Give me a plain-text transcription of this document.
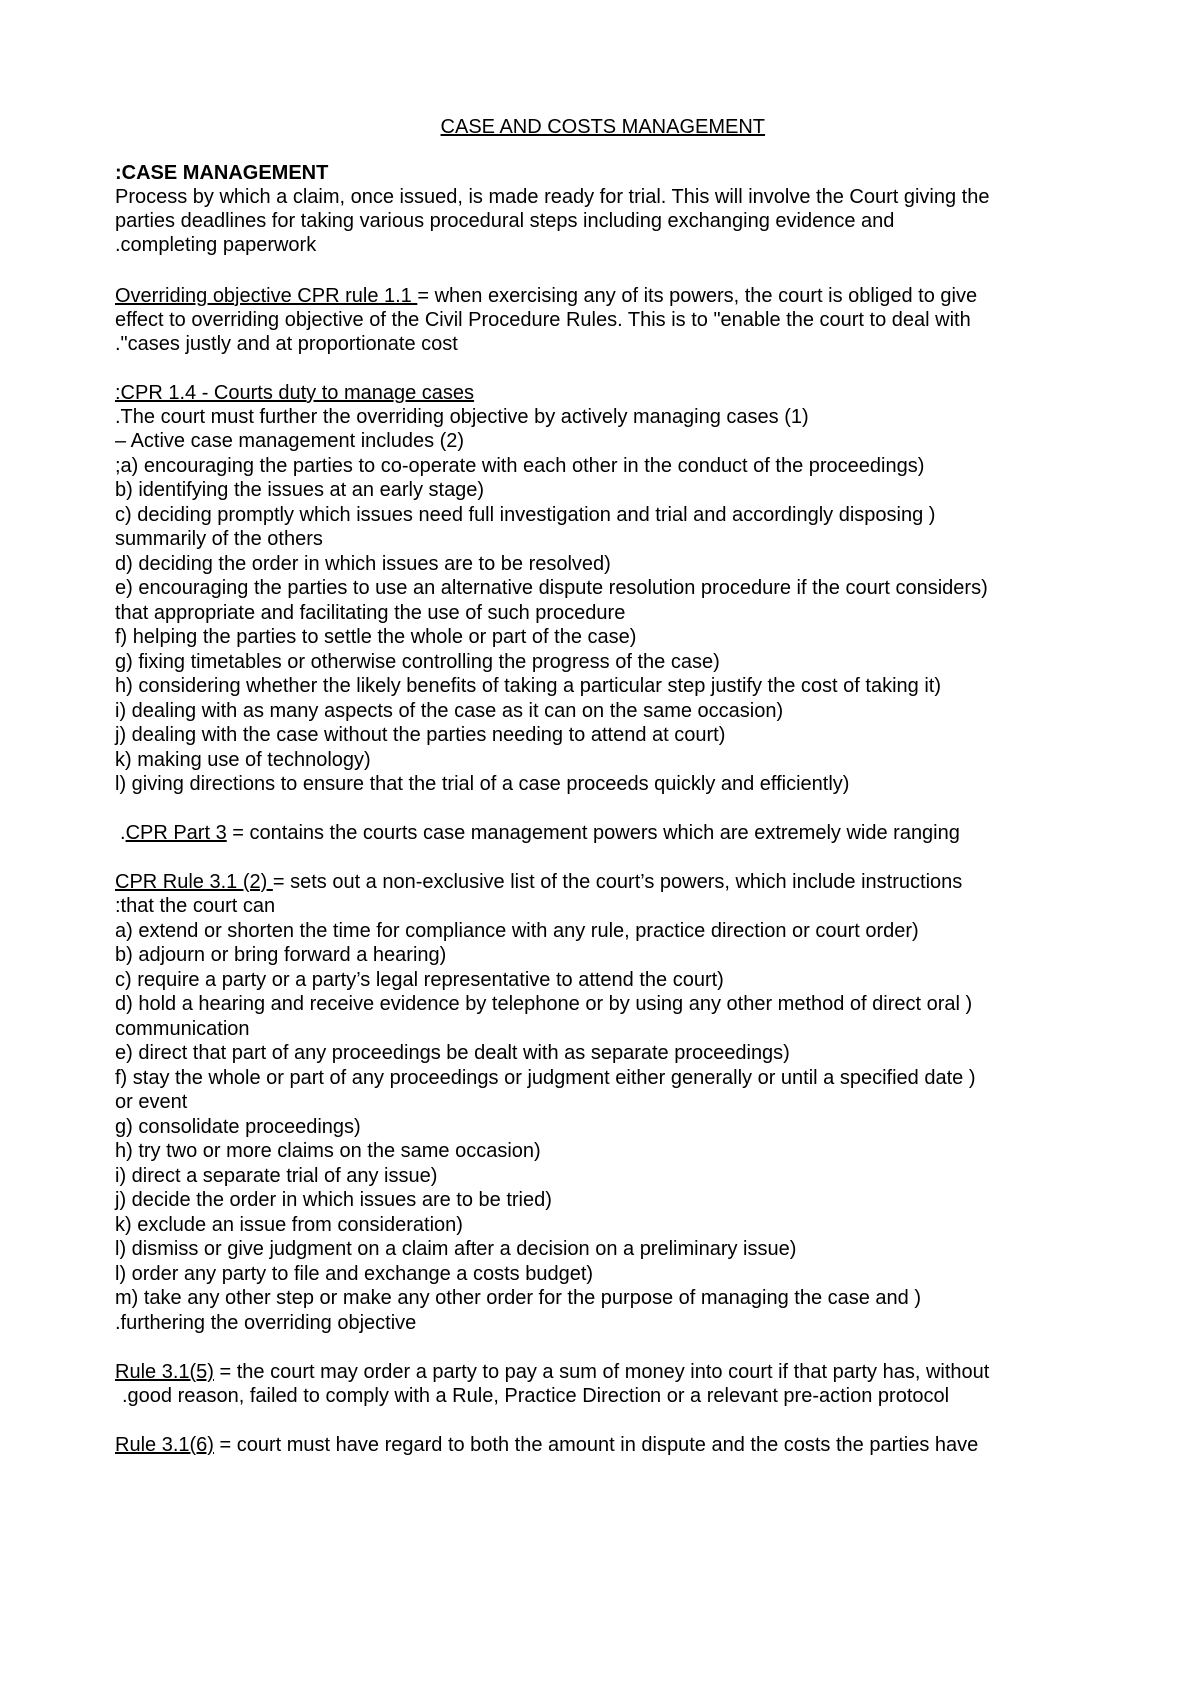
CASE AND COSTS MANAGEMENT

:CASE MANAGEMENT

Process by which a claim, once issued, is made ready for trial. This will involve the Court giving the

parties deadlines for taking various procedural steps including exchanging evidence and

.completing paperwork

Overriding objective CPR rule 1.1 = when exercising any of its powers, the court is obliged to give

effect to overriding objective of the Civil Procedure Rules. This is to "enable the court to deal with

."cases justly and at proportionate cost

:CPR 1.4 - Courts duty to manage cases

.The court must further the overriding objective by actively managing cases (1)

– Active case management includes (2)

;a) encouraging the parties to co-operate with each other in the conduct of the proceedings)

b) identifying the issues at an early stage)

c) deciding promptly which issues need full investigation and trial and accordingly disposing )

summarily of the others

d) deciding the order in which issues are to be resolved)

e) encouraging the parties to use an alternative dispute resolution procedure if the court considers)

that appropriate and facilitating the use of such procedure

f) helping the parties to settle the whole or part of the case)

g) fixing timetables or otherwise controlling the progress of the case)

h) considering whether the likely benefits of taking a particular step justify the cost of taking it)

i) dealing with as many aspects of the case as it can on the same occasion)

j) dealing with the case without the parties needing to attend at court)

k) making use of technology)

l) giving directions to ensure that the trial of a case proceeds quickly and efficiently)

.CPR Part 3 = contains the courts case management powers which are extremely wide ranging

CPR Rule 3.1 (2) = sets out a non-exclusive list of the court’s powers, which include instructions

:that the court can

a) extend or shorten the time for compliance with any rule, practice direction or court order)

b) adjourn or bring forward a hearing)

c) require a party or a party’s legal representative to attend the court)

d) hold a hearing and receive evidence by telephone or by using any other method of direct oral )

communication

e) direct that part of any proceedings be dealt with as separate proceedings)

f) stay the whole or part of any proceedings or judgment either generally or until a specified date )

or event

g) consolidate proceedings)

h) try two or more claims on the same occasion)

i) direct a separate trial of any issue)

j) decide the order in which issues are to be tried)

k) exclude an issue from consideration)

l) dismiss or give judgment on a claim after a decision on a preliminary issue)

l) order any party to file and exchange a costs budget)

m) take any other step or make any other order for the purpose of managing the case and )

.furthering the overriding objective

Rule 3.1(5) = the court may order a party to pay a sum of money into court if that party has, without

.good reason, failed to comply with a Rule, Practice Direction or a relevant pre-action protocol

Rule 3.1(6) = court must have regard to both the amount in dispute and the costs the parties have
